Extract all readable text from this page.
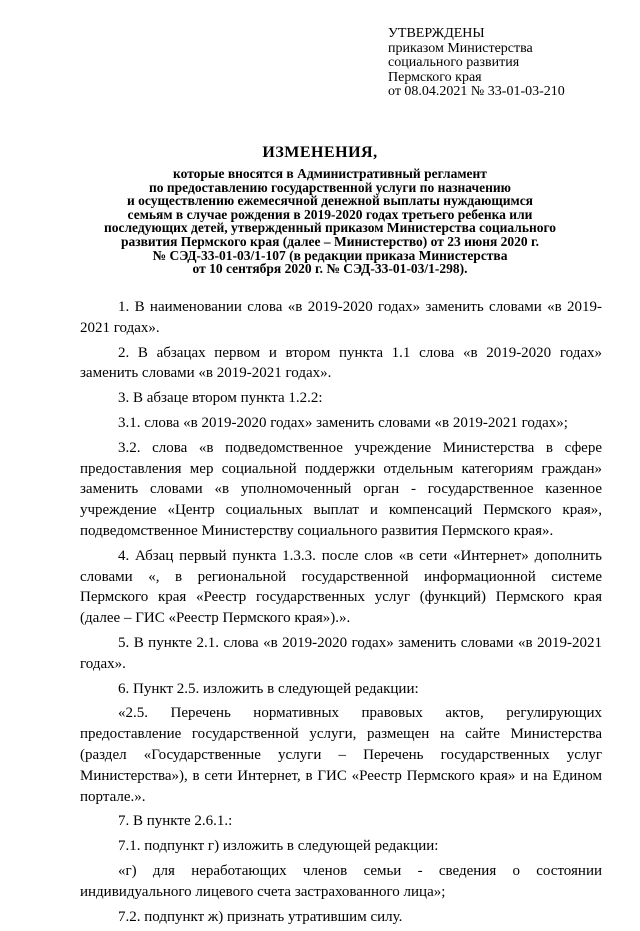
УТВЕРЖДЕНЫ
приказом Министерства
социального развития
Пермского края
от 08.04.2021 № 33-01-03-210
ИЗМЕНЕНИЯ,
которые вносятся в Административный регламент
по предоставлению государственной услуги по назначению
и осуществлению ежемесячной денежной выплаты нуждающимся
семьям в случае рождения в 2019-2020 годах третьего ребенка или
последующих детей, утвержденный приказом Министерства социального
развития Пермского края (далее – Министерство) от 23 июня 2020 г.
№ СЭД-33-01-03/1-107 (в редакции приказа Министерства
от 10 сентября 2020 г. № СЭД-33-01-03/1-298).

1. В наименовании слова «в 2019-2020 годах» заменить словами «в 2019-2021 годах».

2. В абзацах первом и втором пункта 1.1 слова «в 2019-2020 годах» заменить словами «в 2019-2021 годах».

3. В абзаце втором пункта 1.2.2:

3.1. слова «в 2019-2020 годах» заменить словами «в 2019-2021 годах»;

3.2. слова «в подведомственное учреждение Министерства в сфере предоставления мер социальной поддержки отдельным категориям граждан» заменить словами «в уполномоченный орган - государственное казенное учреждение «Центр социальных выплат и компенсаций Пермского края», подведомственное Министерству социального развития Пермского края».

4. Абзац первый пункта 1.3.3. после слов «в сети «Интернет» дополнить словами «, в региональной государственной информационной системе Пермского края «Реестр государственных услуг (функций) Пермского края (далее – ГИС «Реестр Пермского края»).».

5. В пункте 2.1. слова «в 2019-2020 годах» заменить словами «в 2019-2021 годах».

6. Пункт 2.5. изложить в следующей редакции:

«2.5. Перечень нормативных правовых актов, регулирующих предоставление государственной услуги, размещен на сайте Министерства (раздел «Государственные услуги – Перечень государственных услуг Министерства»), в сети Интернет, в ГИС «Реестр Пермского края» и на Едином портале.».

7. В пункте 2.6.1.:

7.1. подпункт г) изложить в следующей редакции:

«г) для неработающих членов семьи - сведения о состоянии индивидуального лицевого счета застрахованного лица»;

7.2. подпункт ж) признать утратившим силу.
